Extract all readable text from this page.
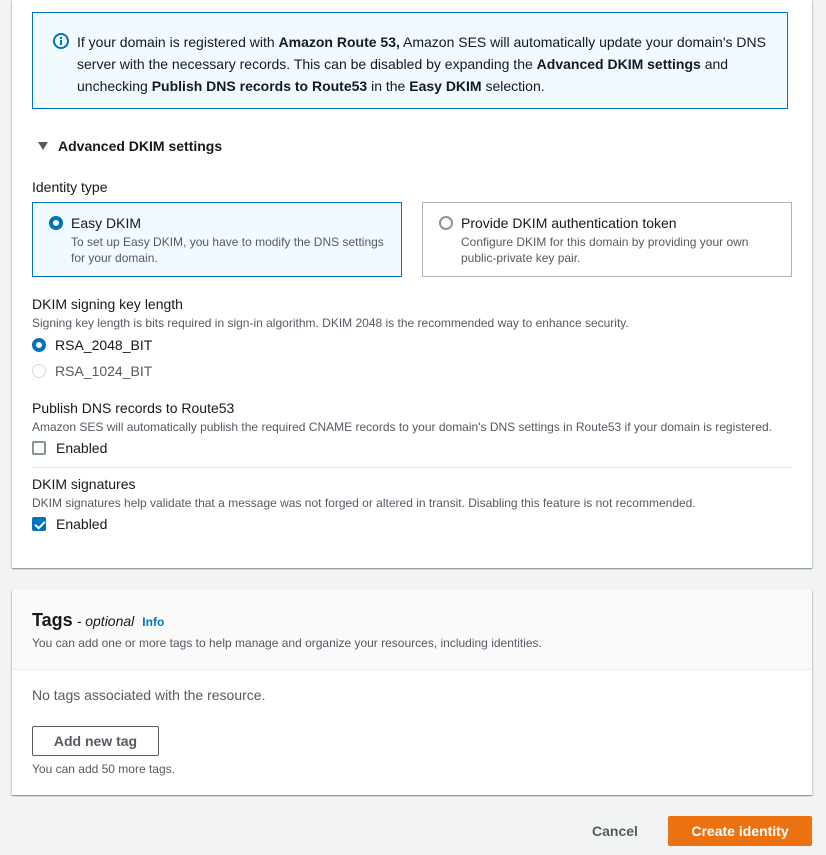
If your domain is registered with Amazon Route 53, Amazon SES will automatically update your domain's DNS server with the necessary records. This can be disabled by expanding the Advanced DKIM settings and unchecking Publish DNS records to Route53 in the Easy DKIM selection.
Advanced DKIM settings
Identity type
Easy DKIM
To set up Easy DKIM, you have to modify the DNS settings for your domain.
Provide DKIM authentication token
Configure DKIM for this domain by providing your own public-private key pair.
DKIM signing key length
Signing key length is bits required in sign-in algorithm. DKIM 2048 is the recommended way to enhance security.
RSA_2048_BIT
RSA_1024_BIT
Publish DNS records to Route53
Amazon SES will automatically publish the required CNAME records to your domain's DNS settings in Route53 if your domain is registered.
Enabled
DKIM signatures
DKIM signatures help validate that a message was not forged or altered in transit. Disabling this feature is not recommended.
Enabled
Tags - optional Info
You can add one or more tags to help manage and organize your resources, including identities.
No tags associated with the resource.
Add new tag
You can add 50 more tags.
Cancel	Create identity
